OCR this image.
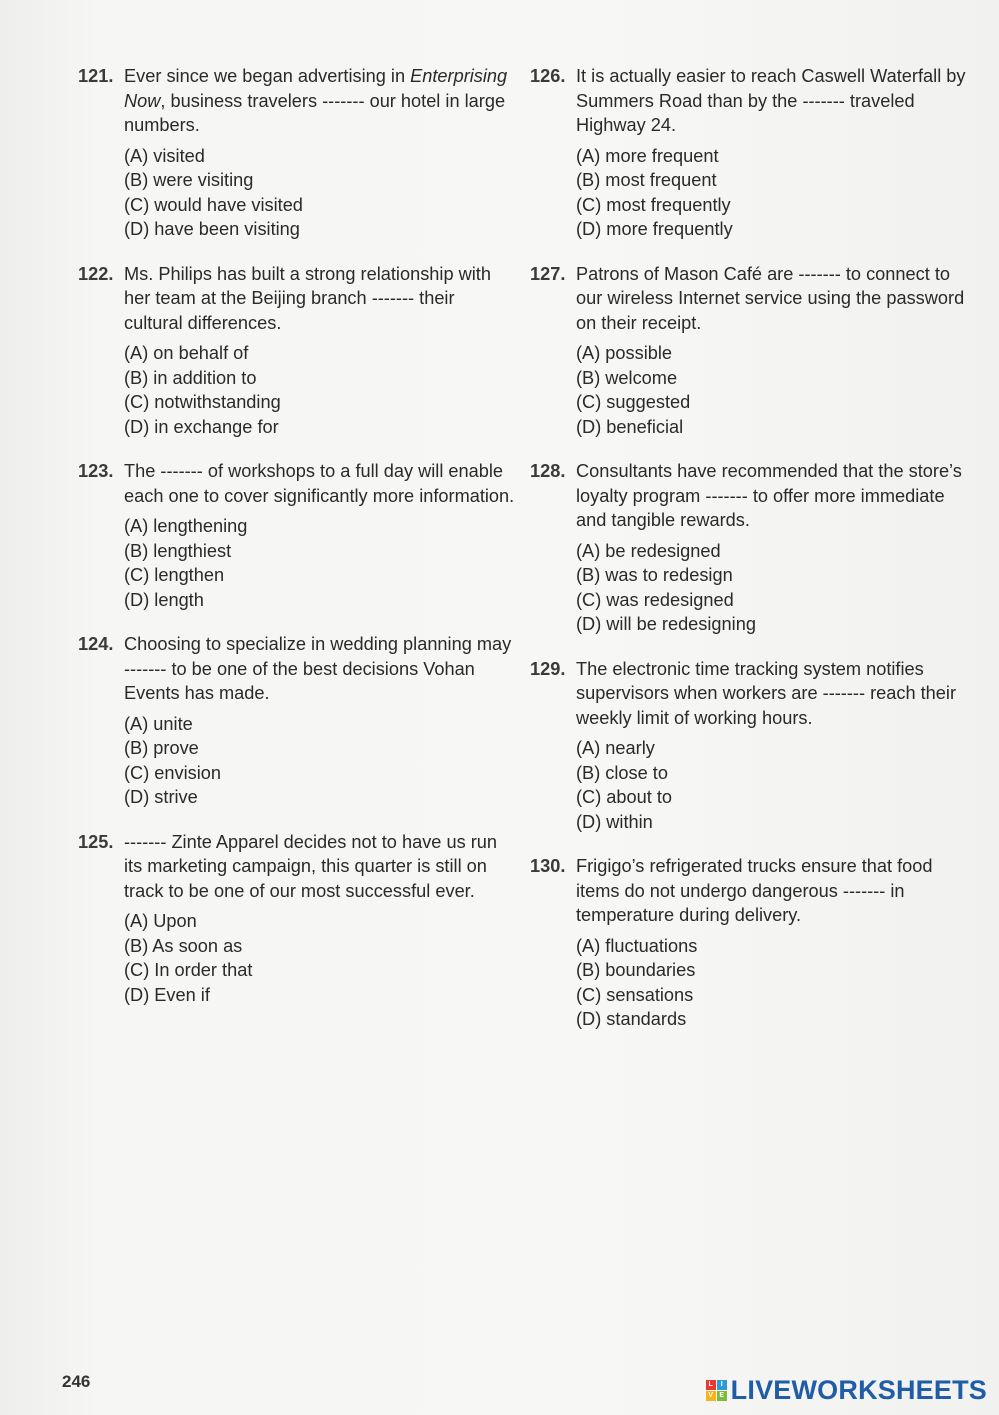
121. Ever since we began advertising in Enterprising Now, business travelers ------- our hotel in large numbers.
(A) visited
(B) were visiting
(C) would have visited
(D) have been visiting
122. Ms. Philips has built a strong relationship with her team at the Beijing branch ------- their cultural differences.
(A) on behalf of
(B) in addition to
(C) notwithstanding
(D) in exchange for
123. The ------- of workshops to a full day will enable each one to cover significantly more information.
(A) lengthening
(B) lengthiest
(C) lengthen
(D) length
124. Choosing to specialize in wedding planning may ------- to be one of the best decisions Vohan Events has made.
(A) unite
(B) prove
(C) envision
(D) strive
125. ------- Zinte Apparel decides not to have us run its marketing campaign, this quarter is still on track to be one of our most successful ever.
(A) Upon
(B) As soon as
(C) In order that
(D) Even if
126. It is actually easier to reach Caswell Waterfall by Summers Road than by the ------- traveled Highway 24.
(A) more frequent
(B) most frequent
(C) most frequently
(D) more frequently
127. Patrons of Mason Café are ------- to connect to our wireless Internet service using the password on their receipt.
(A) possible
(B) welcome
(C) suggested
(D) beneficial
128. Consultants have recommended that the store’s loyalty program ------- to offer more immediate and tangible rewards.
(A) be redesigned
(B) was to redesign
(C) was redesigned
(D) will be redesigning
129. The electronic time tracking system notifies supervisors when workers are ------- reach their weekly limit of working hours.
(A) nearly
(B) close to
(C) about to
(D) within
130. Frigigo’s refrigerated trucks ensure that food items do not undergo dangerous ------- in temperature during delivery.
(A) fluctuations
(B) boundaries
(C) sensations
(D) standards
246	L	I
V E LIVEWORKSHEETS
